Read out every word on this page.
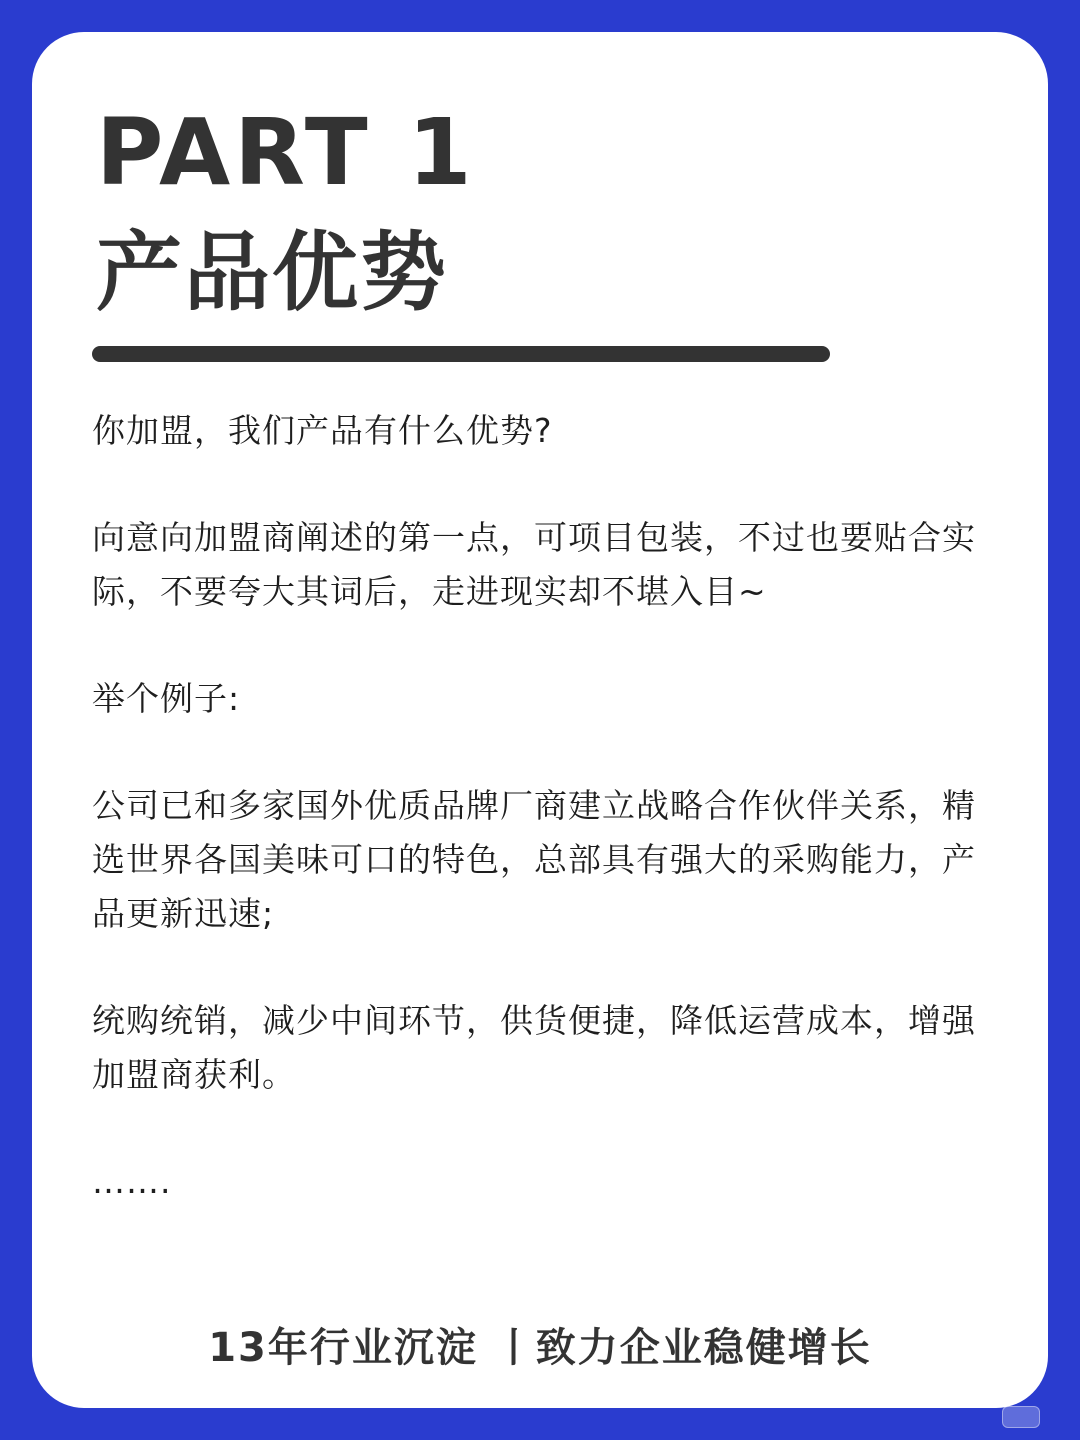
PART 1
产品优势

你加盟，我们产品有什么优势?

向意向加盟商阐述的第一点，可项目包装，不过也要贴合实际，不要夸大其词后，走进现实却不堪入目~

举个例子:

公司已和多家国外优质品牌厂商建立战略合作伙伴关系，精选世界各国美味可口的特色，总部具有强大的采购能力，产品更新迅速;

统购统销，减少中间环节，供货便捷，降低运营成本，增强加盟商获利。

…….

13年行业沉淀 丨致力企业稳健增长
